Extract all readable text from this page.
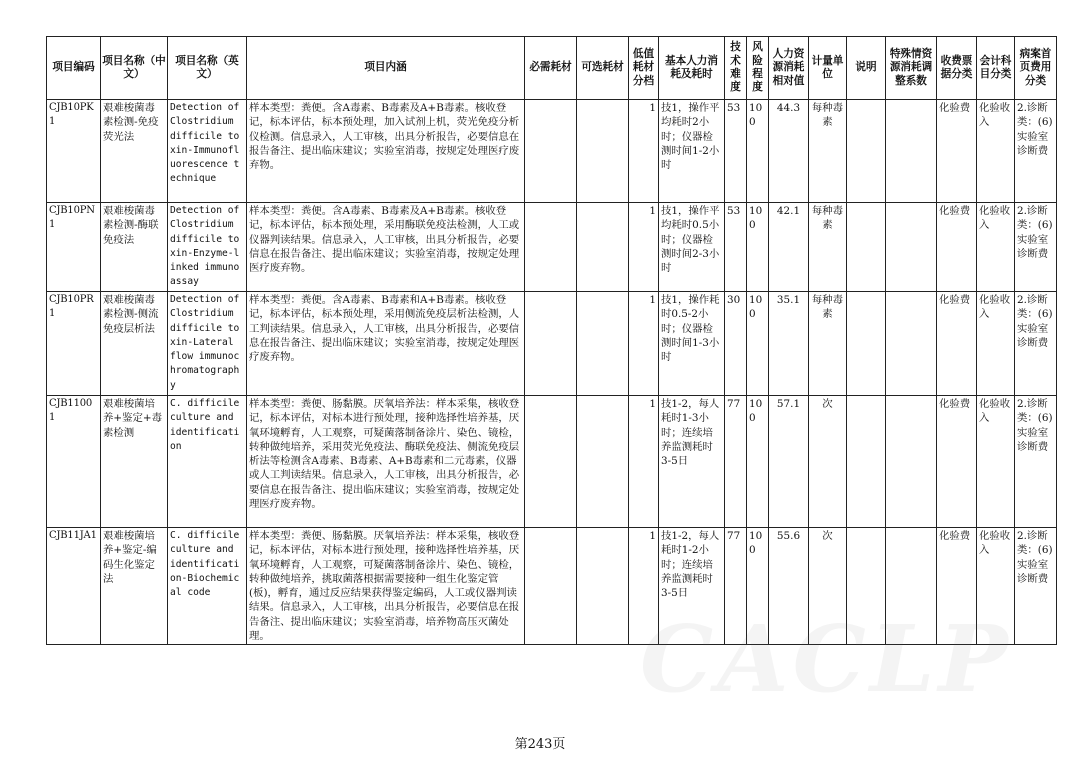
项目编码	项目名称（中文）	项目名称（英文）	项目内涵	必需耗材	可选耗材	低值耗材分档	基本人力消耗及耗时	技术难度	风险程度	人力资源消耗相对值	计量单位	说明	特殊情资源消耗调整系数	收费票据分类	会计科目分类	病案首页费用分类
CJB10PK1	艰难梭菌毒素检测-免疫荧光法	Detection of Clostridium difficile toxin-Immunofluorescence technique	样本类型：粪便。含A毒素、B毒素及A+B毒素。核收登记，标本评估，标本预处理，加入试剂上机，荧光免疫分析仪检测。信息录入，人工审核，出具分析报告，必要信息在报告备注、提出临床建议；实验室消毒，按规定处理医疗废弃物。			1	技1，操作平均耗时2小时；仪器检测时间1-2小时	53	100	44.3	每种毒素			化验费	化验收入	2.诊断类：(6)实验室诊断费
CJB10PN1	艰难梭菌毒素检测-酶联免疫法	Detection of Clostridium difficile toxin-Enzyme-linked immunoassay	样本类型：粪便。含A毒素、B毒素及A+B毒素。核收登记，标本评估，标本预处理，采用酶联免疫法检测，人工或仪器判读结果。信息录入，人工审核，出具分析报告，必要信息在报告备注、提出临床建议；实验室消毒，按规定处理医疗废弃物。			1	技1，操作平均耗时0.5小时；仪器检测时间2-3小时	53	100	42.1	每种毒素			化验费	化验收入	2.诊断类：(6)实验室诊断费
CJB10PR1	艰难梭菌毒素检测-侧流免疫层析法	Detection of Clostridium difficile toxin-Lateral flow immunochromatography	样本类型：粪便。含A毒素、B毒素和A+B毒素。核收登记，标本评估，标本预处理，采用侧流免疫层析法检测，人工判读结果。信息录入，人工审核，出具分析报告，必要信息在报告备注、提出临床建议；实验室消毒，按规定处理医疗废弃物。			1	技1，操作耗时0.5-2小时；仪器检测时间1-3小时	30	100	35.1	每种毒素			化验费	化验收入	2.诊断类：(6)实验室诊断费
CJB11001	艰难梭菌培养+鉴定+毒素检测	C. difficile culture and identification	样本类型：粪便、肠黏膜。厌氧培养法：样本采集，核收登记，标本评估，对标本进行预处理，接种选择性培养基，厌氧环境孵育，人工观察，可疑菌落制备涂片、染色、镜检，转种做纯培养，采用荧光免疫法、酶联免疫法、侧流免疫层析法等检测含A毒素、B毒素、A+B毒素和二元毒素，仪器或人工判读结果。信息录入，人工审核，出具分析报告，必要信息在报告备注、提出临床建议；实验室消毒，按规定处理医疗废弃物。			1	技1-2，每人耗时1-3小时；连续培养监测耗时3-5日	77	100	57.1	次			化验费	化验收入	2.诊断类：(6)实验室诊断费
CJB11JA1	艰难梭菌培养+鉴定-编码生化鉴定法	C. difficile culture and identification-Biochemical code	样本类型：粪便、肠黏膜。厌氧培养法：样本采集，核收登记，标本评估，对标本进行预处理，接种选择性培养基，厌氧环境孵育，人工观察，可疑菌落制备涂片、染色、镜检，转种做纯培养，挑取菌落根据需要接种一组生化鉴定管(板)，孵育，通过反应结果获得鉴定编码，人工或仪器判读结果。信息录入，人工审核，出具分析报告，必要信息在报告备注、提出临床建议；实验室消毒，培养物高压灭菌处理。			1	技1-2，每人耗时1-2小时；连续培养监测耗时3-5日	77	100	55.6	次			化验费	化验收入	2.诊断类：(6)实验室诊断费
CACLP
第243页
